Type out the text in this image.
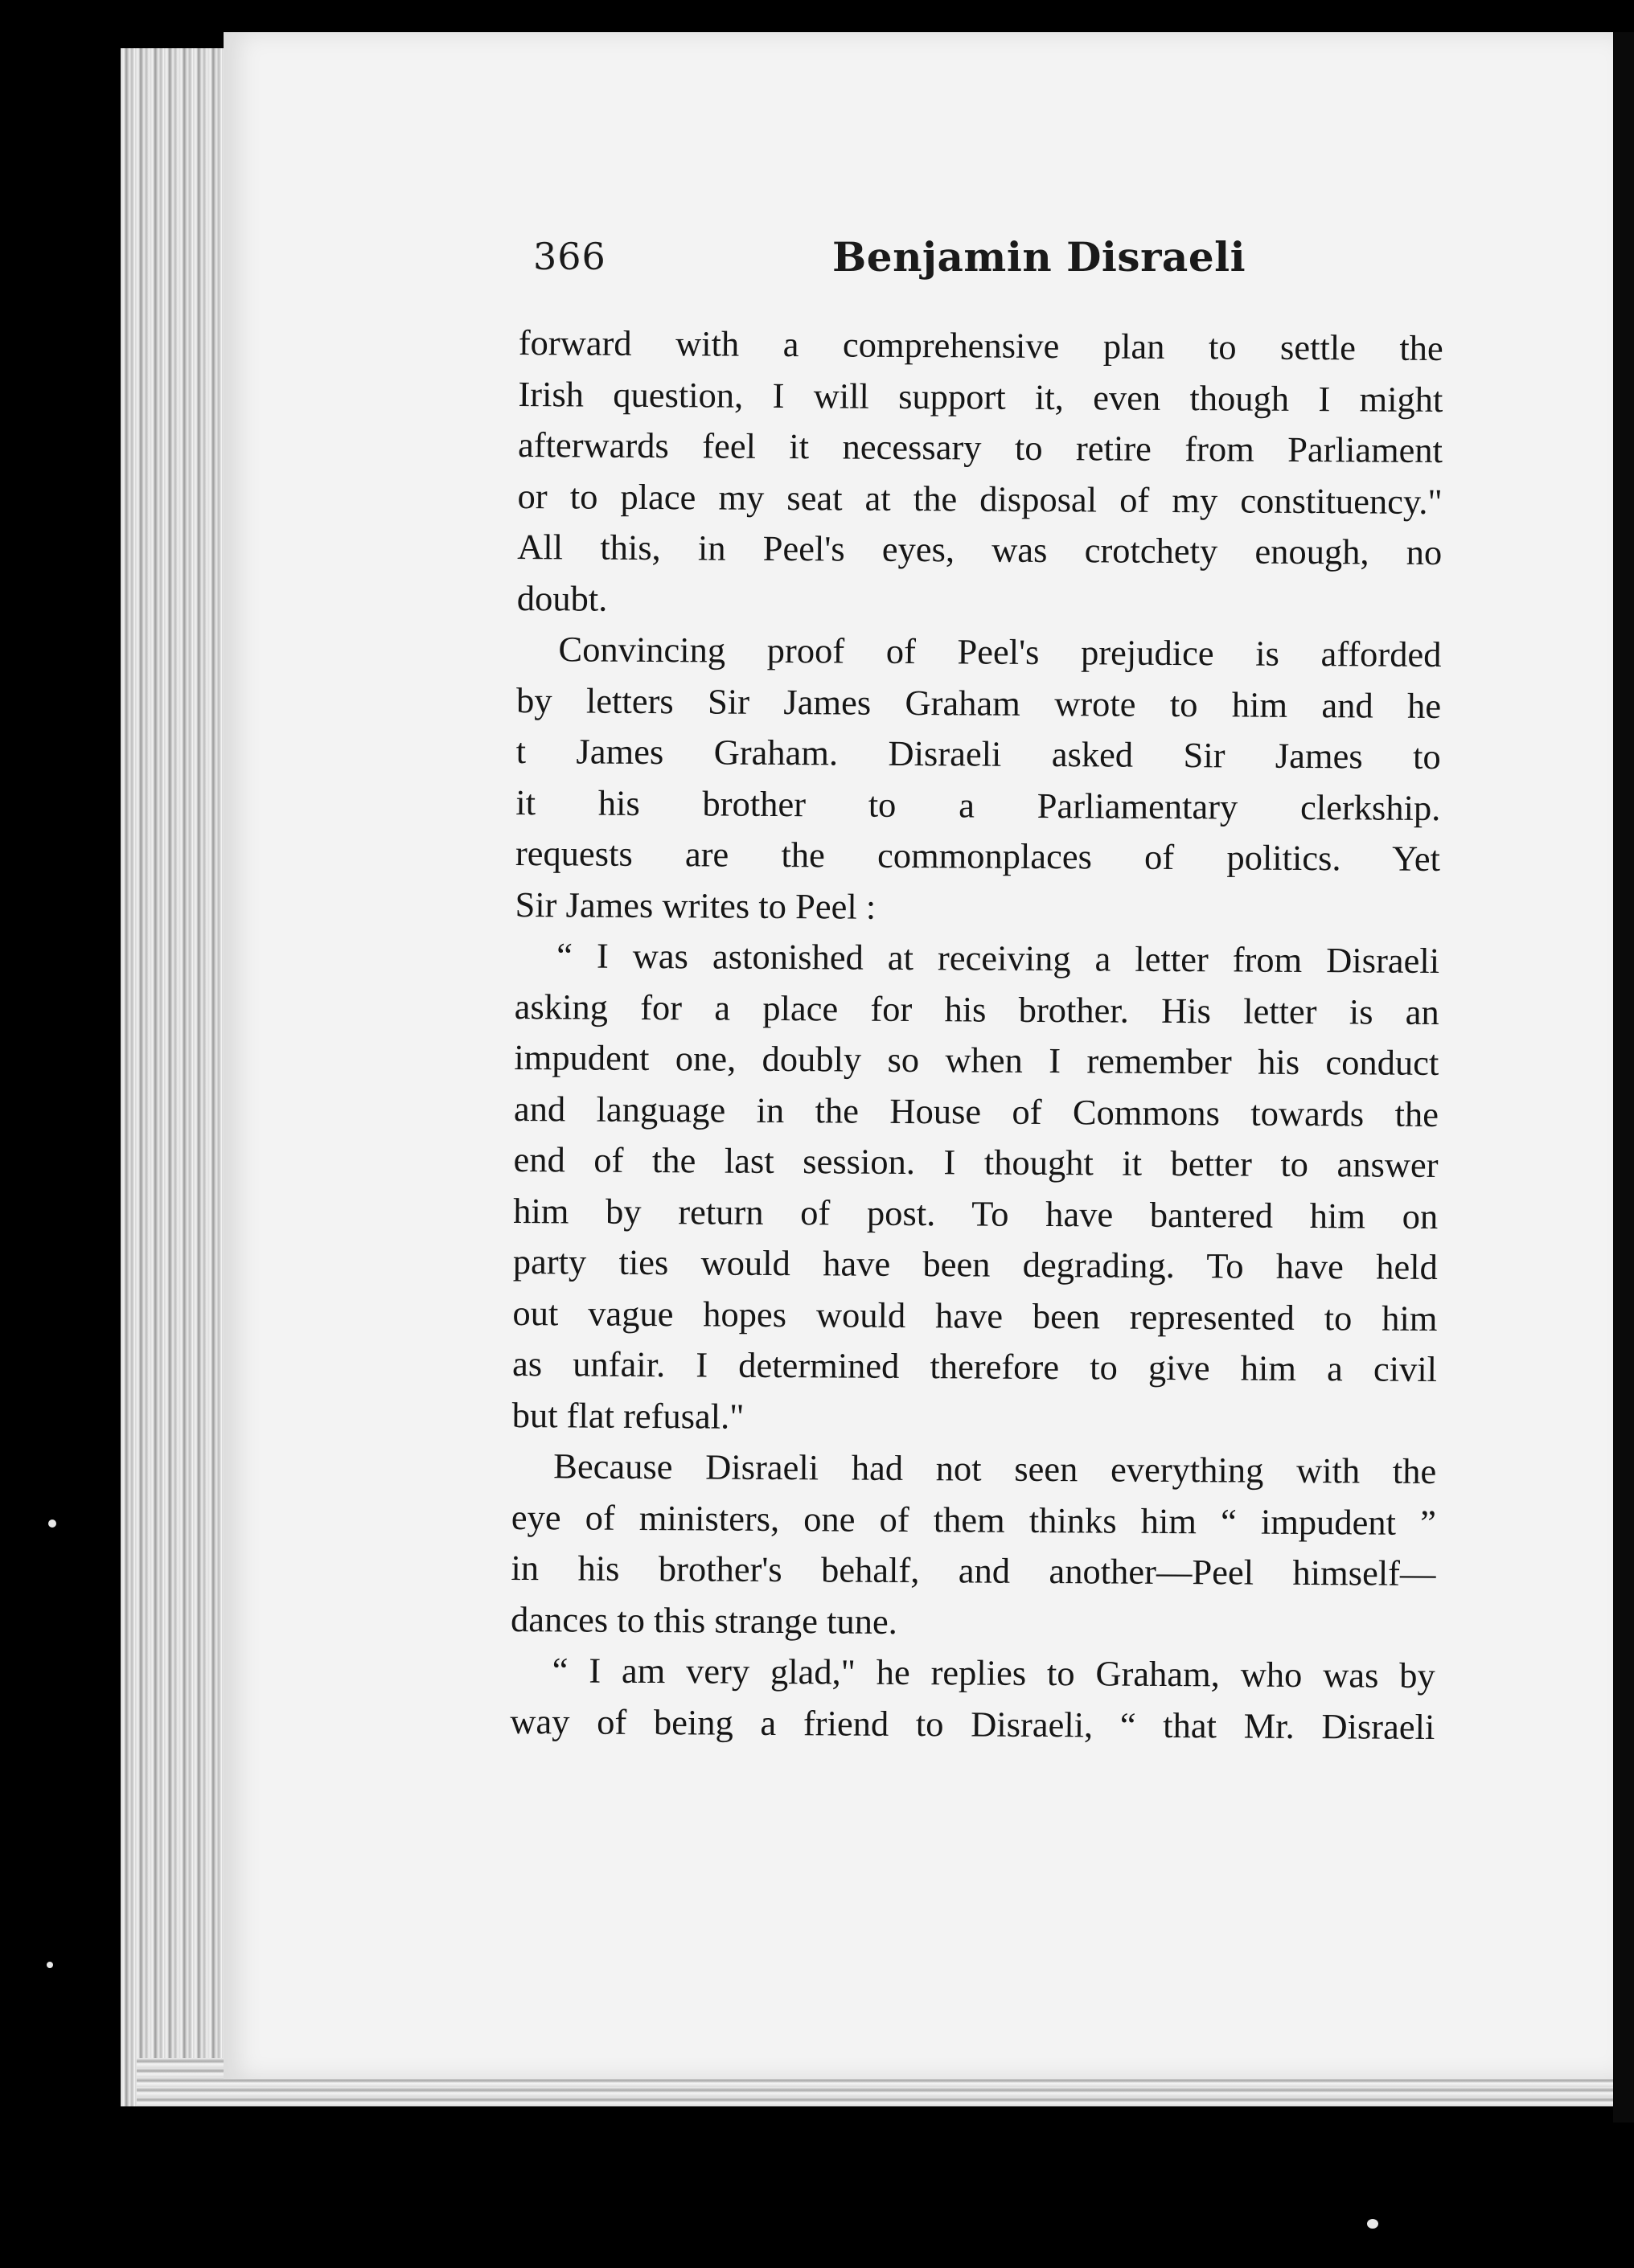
366	Benjamin Disraeli
forward with a comprehensive plan to settle the
Irish question, I will support it, even though I might
afterwards feel it necessary to retire from Parliament
or to place my seat at the disposal of my constituency."
All this, in Peel's eyes, was crotchety enough, no
doubt.
Convincing proof of Peel's prejudice is afforded
by letters Sir James Graham wrote to him and he
t James Graham. Disraeli asked Sir James to
it his brother to a Parliamentary clerkship.
requests are the commonplaces of politics. Yet
Sir James writes to Peel :
“ I was astonished at receiving a letter from Disraeli
asking for a place for his brother. His letter is an
impudent one, doubly so when I remember his conduct
and language in the House of Commons towards the
end of the last session. I thought it better to answer
him by return of post. To have bantered him on
party ties would have been degrading. To have held
out vague hopes would have been represented to him
as unfair. I determined therefore to give him a civil
but flat refusal."
Because Disraeli had not seen everything with the
eye of ministers, one of them thinks him “ impudent ”
in his brother's behalf, and another—Peel himself—
dances to this strange tune.
“ I am very glad," he replies to Graham, who was by
way of being a friend to Disraeli, “ that Mr. Disraeli
